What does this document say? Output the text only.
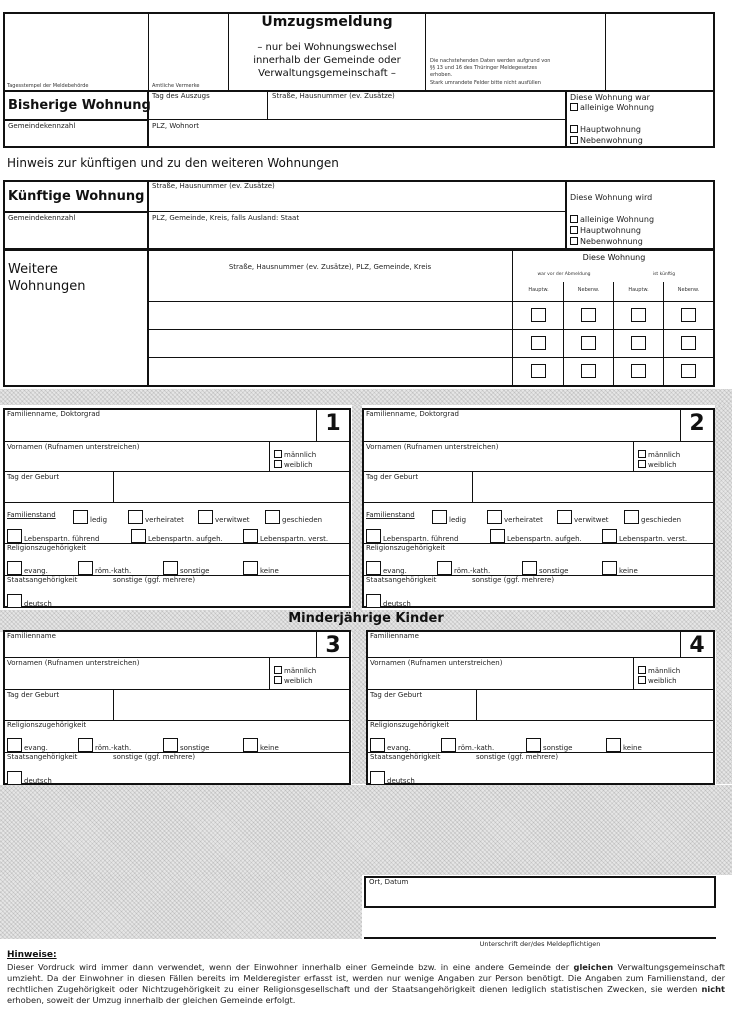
Tagesstempel der Meldebehörde	Amtliche Vermerke
Umzugsmeldung
– nur bei Wohnungswechsel
innerhalb der Gemeinde oder
Verwaltungsgemeinschaft –
Die nachstehenden Daten werden aufgrund von
§§ 13 und 16 des Thüringer Meldegesetzes
erhoben.
Stark umrandete Felder bitte nicht ausfüllen
Bisherige Wohnung
Tag des Auszugs	Straße, Hausnummer (ev. Zusätze)
Gemeindekennzahl	PLZ, Wohnort
Diese Wohnung war
alleinige Wohnung
Hauptwohnung
Nebenwohnung
Hinweis zur künftigen und zu den weiteren Wohnungen
Künftige Wohnung
Straße, Hausnummer (ev. Zusätze)
Gemeindekennzahl	PLZ, Gemeinde, Kreis, falls Ausland: Staat
Diese Wohnung wird
alleinige Wohnung
Hauptwohnung
Nebenwohnung
Weitere
Wohnungen
Straße, Hausnummer (ev. Zusätze), PLZ, Gemeinde, Kreis
Diese Wohnung
war vor der Abmeldung	ist künftig
Hauptw.	Nebenw.	Hauptw.	Nebenw.
Minderjährige Kinder
1
Familienname, Doktorgrad
Vornamen (Rufnamen unterstreichen)
männlich
weiblich
Tag der Geburt
Familienstand
ledig	verheiratet	verwitwet	geschieden
Lebenspartn. führend	Lebenspartn. aufgeh.	Lebenspartn. verst.
Religionszugehörigkeit
evang.	röm.-kath.	sonstige	keine
Staatsangehörigkeit	sonstige (ggf. mehrere)
deutsch
2
Familienname, Doktorgrad
Vornamen (Rufnamen unterstreichen)
männlich
weiblich
Tag der Geburt
Familienstand
ledig	verheiratet	verwitwet	geschieden
Lebenspartn. führend	Lebenspartn. aufgeh.	Lebenspartn. verst.
Religionszugehörigkeit
evang.	röm.-kath.	sonstige	keine
Staatsangehörigkeit	sonstige (ggf. mehrere)
deutsch
3
Familienname
Vornamen (Rufnamen unterstreichen)
männlich
weiblich
Tag der Geburt
Religionszugehörigkeit
evang.	röm.-kath.	sonstige	keine
Staatsangehörigkeit	sonstige (ggf. mehrere)
deutsch
4
Familienname
Vornamen (Rufnamen unterstreichen)
männlich
weiblich
Tag der Geburt
Religionszugehörigkeit
evang.	röm.-kath.	sonstige	keine
Staatsangehörigkeit	sonstige (ggf. mehrere)
deutsch
Ort, Datum
Unterschrift der/des Meldepflichtigen
Hinweise:
Dieser Vordruck wird immer dann verwendet, wenn der Einwohner innerhalb einer Gemeinde bzw. in eine andere Gemeinde der gleichen Verwaltungsgemeinschaft umzieht. Da der Einwohner in diesen Fällen bereits im Melderegister erfasst ist, werden nur wenige Angaben zur Person benötigt. Die Angaben zum Familienstand, der rechtlichen Zugehörigkeit oder Nichtzugehörigkeit zu einer Religionsgesellschaft und der Staatsangehörigkeit dienen lediglich statistischen Zwecken, sie werden nicht erhoben, soweit der Umzug innerhalb der gleichen Gemeinde erfolgt.
